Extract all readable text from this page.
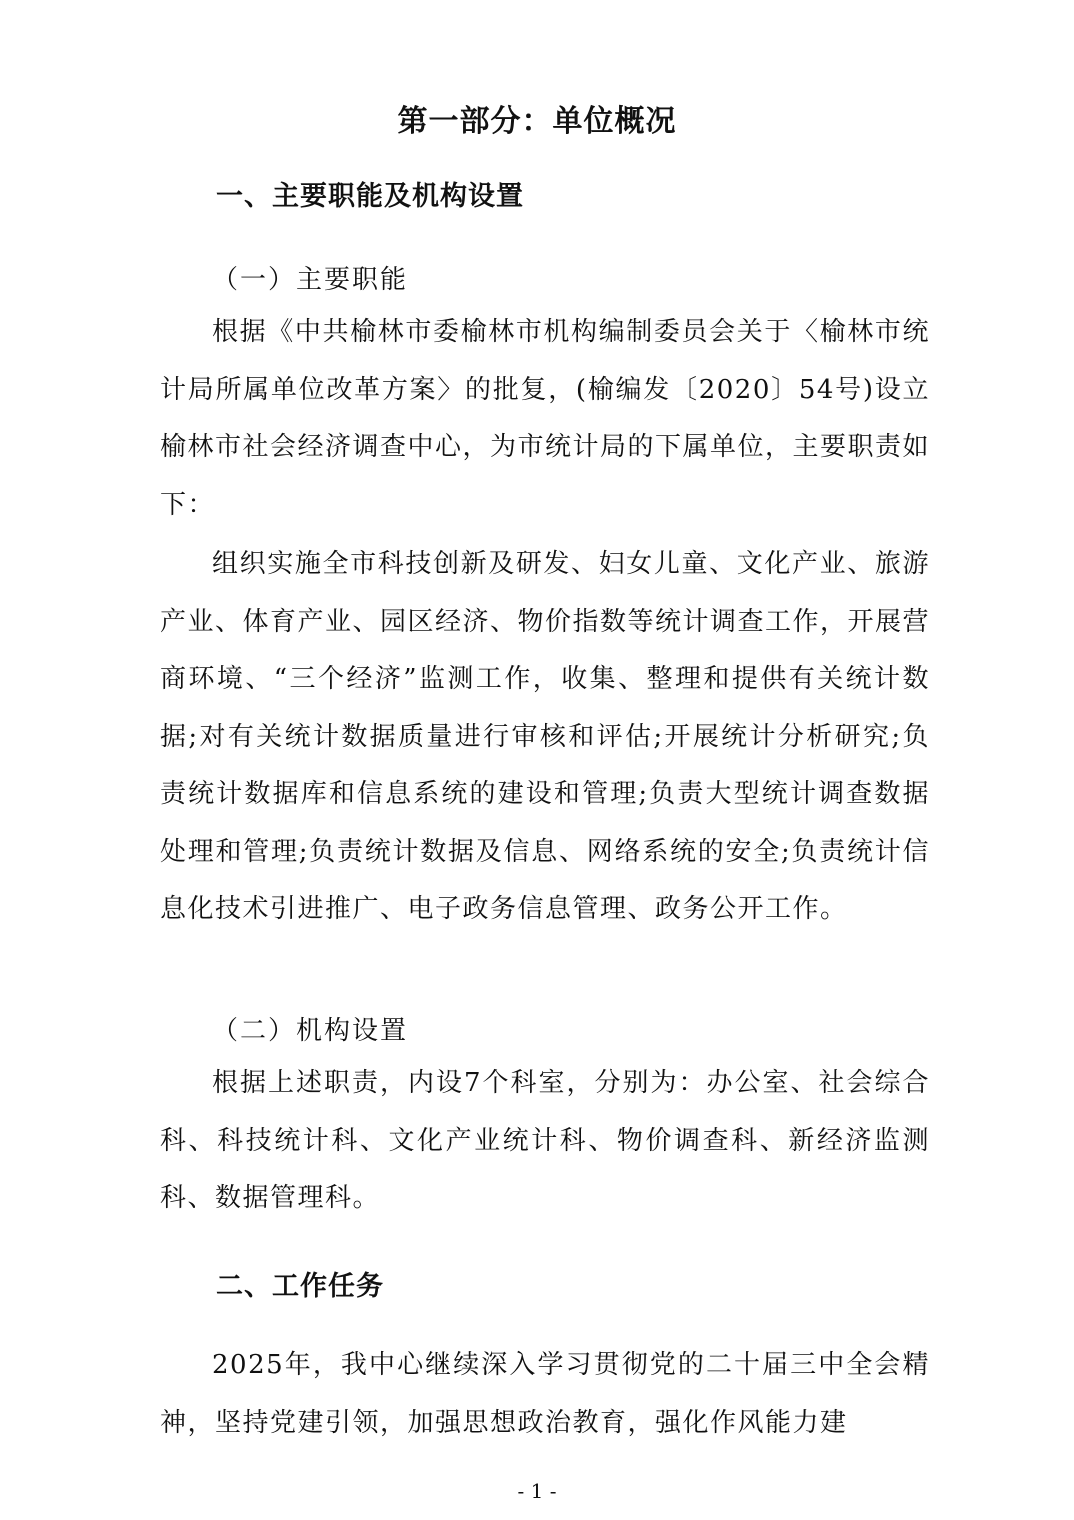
第一部分：单位概况
一、主要职能及机构设置
（一）主要职能

根据《中共榆林市委榆林市机构编制委员会关于〈榆林市统计局所属单位改革方案〉的批复，(榆编发〔2020〕54号)设立榆林市社会经济调查中心，为市统计局的下属单位，主要职责如下：

组织实施全市科技创新及研发、妇女儿童、文化产业、旅游产业、体育产业、园区经济、物价指数等统计调查工作，开展营商环境、“三个经济”监测工作，收集、整理和提供有关统计数据;对有关统计数据质量进行审核和评估;开展统计分析研究;负责统计数据库和信息系统的建设和管理;负责大型统计调查数据处理和管理;负责统计数据及信息、网络系统的安全;负责统计信息化技术引进推广、电子政务信息管理、政务公开工作。

（二）机构设置

根据上述职责，内设7个科室，分别为：办公室、社会综合科、科技统计科、文化产业统计科、物价调查科、新经济监测科、数据管理科。

二、工作任务

2025年，我中心继续深入学习贯彻党的二十届三中全会精神，坚持党建引领，加强思想政治教育，强化作风能力建

- 1 -
